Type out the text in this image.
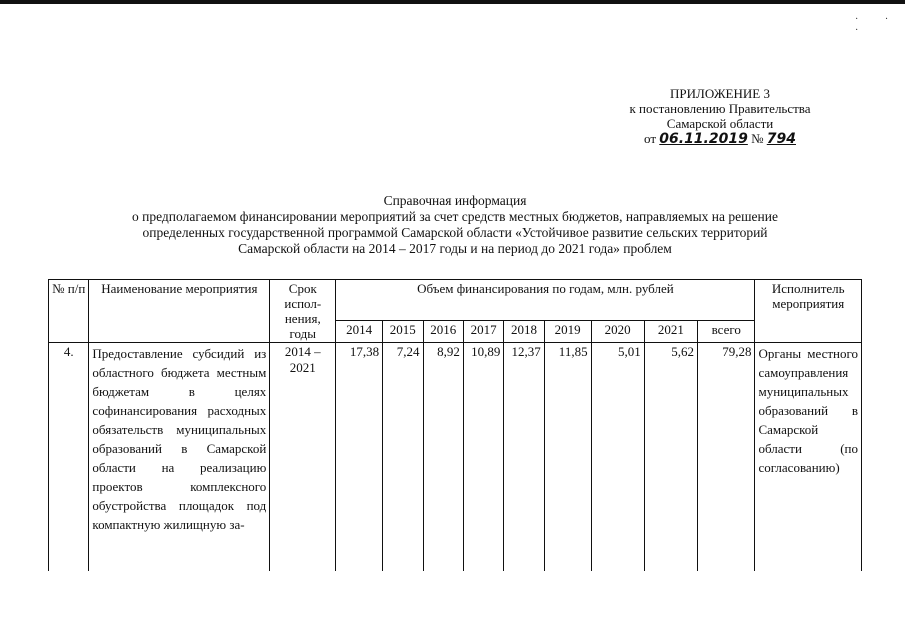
· · ·
ПРИЛОЖЕНИЕ 3
к постановлению Правительства
Самарской области
от 06.11.2019 № 794
Справочная информация
о предполагаемом финансировании мероприятий за счет средств местных бюджетов, направляемых на решение
определенных государственной программой Самарской области «Устойчивое развитие сельских территорий
Самарской области на 2014 – 2017 годы и на период до 2021 года» проблем
№ п/п	Наименование мероприятия	Срок испол-нения, годы	Объем финансирования по годам, млн. рублей									Исполнитель мероприятия
			2014	2015	2016	2017	2018	2019	2020	2021	всего	
4.	Предоставление субсидий из областного бюджета местным бюджетам в целях софинансирования расходных обязательств муниципальных образований в Самарской области на реализацию проектов комплексного обустройства площадок под компактную жилищную за-	2014 – 2021	17,38	7,24	8,92	10,89	12,37	11,85	5,01	5,62	79,28	Органы местного самоуправления муниципальных образований в Самарской области (по согласованию)
